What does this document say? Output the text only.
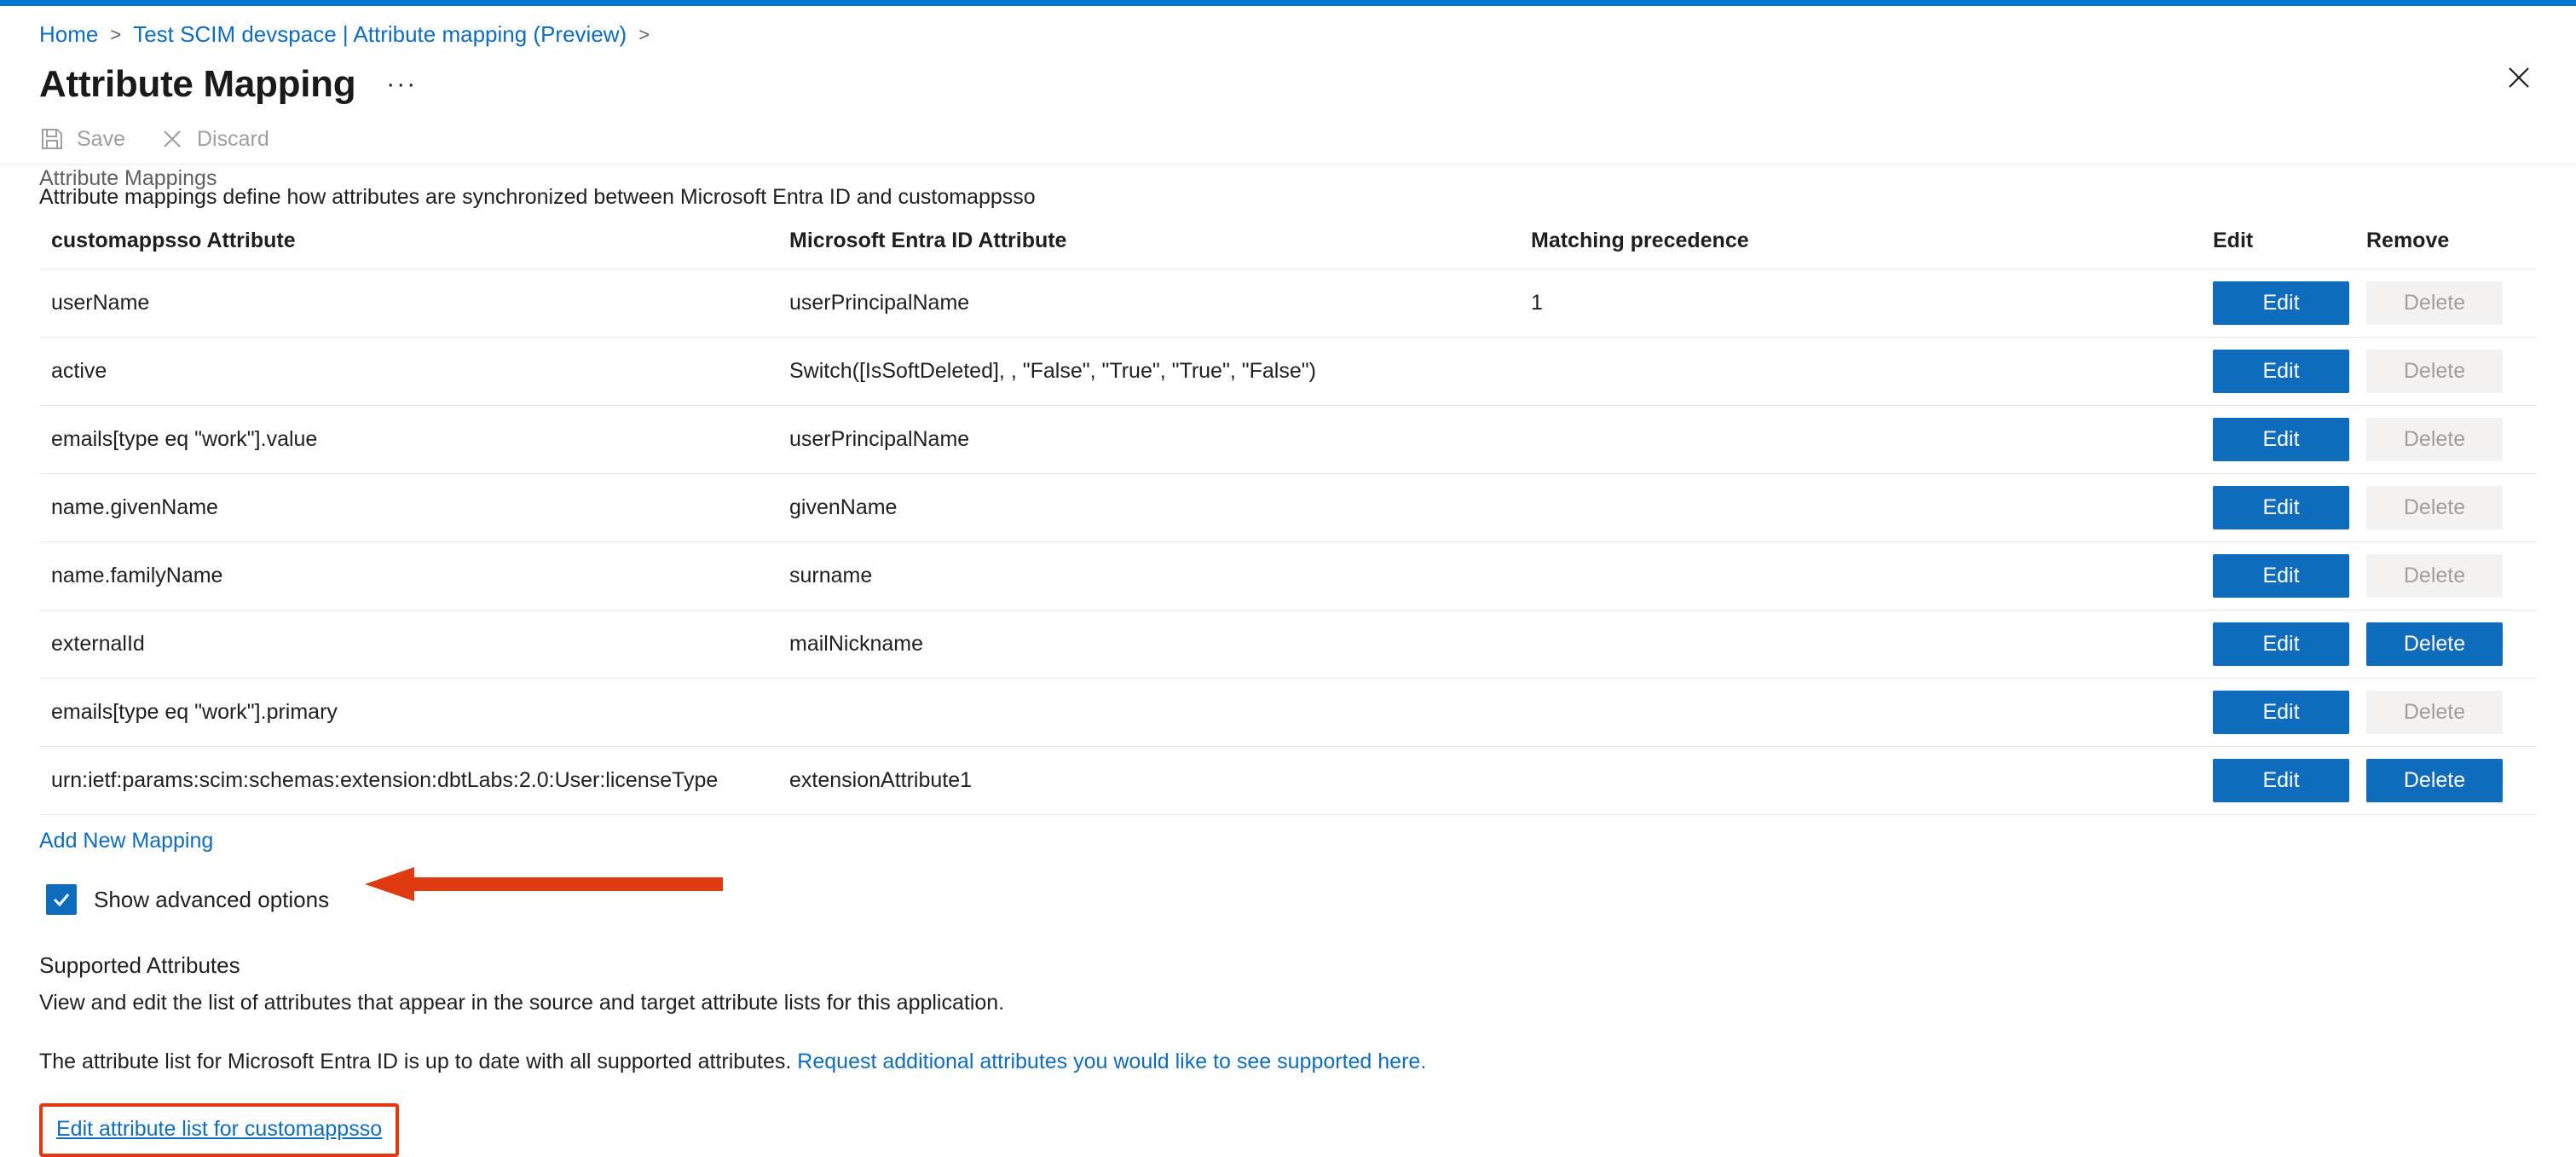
Home > Test SCIM devspace | Attribute mapping (Preview) >
Attribute Mapping ···
Save	Discard
Attribute Mappings
Attribute mappings define how attributes are synchronized between Microsoft Entra ID and customappsso
customappsso Attribute	Microsoft Entra ID Attribute	Matching precedence	Edit	Remove
userName	userPrincipalName	1	Edit	Delete
active	Switch([IsSoftDeleted], , "False", "True", "True", "False")		Edit	Delete
emails[type eq "work"].value	userPrincipalName		Edit	Delete
name.givenName	givenName		Edit	Delete
name.familyName	surname		Edit	Delete
externalId	mailNickname		Edit	Delete
emails[type eq "work"].primary			Edit	Delete
urn:ietf:params:scim:schemas:extension:dbtLabs:2.0:User:licenseType	extensionAttribute1		Edit	Delete
Add New Mapping
Show advanced options
Supported Attributes
View and edit the list of attributes that appear in the source and target attribute lists for this application.
The attribute list for Microsoft Entra ID is up to date with all supported attributes. Request additional attributes you would like to see supported here.
Edit attribute list for customappsso
